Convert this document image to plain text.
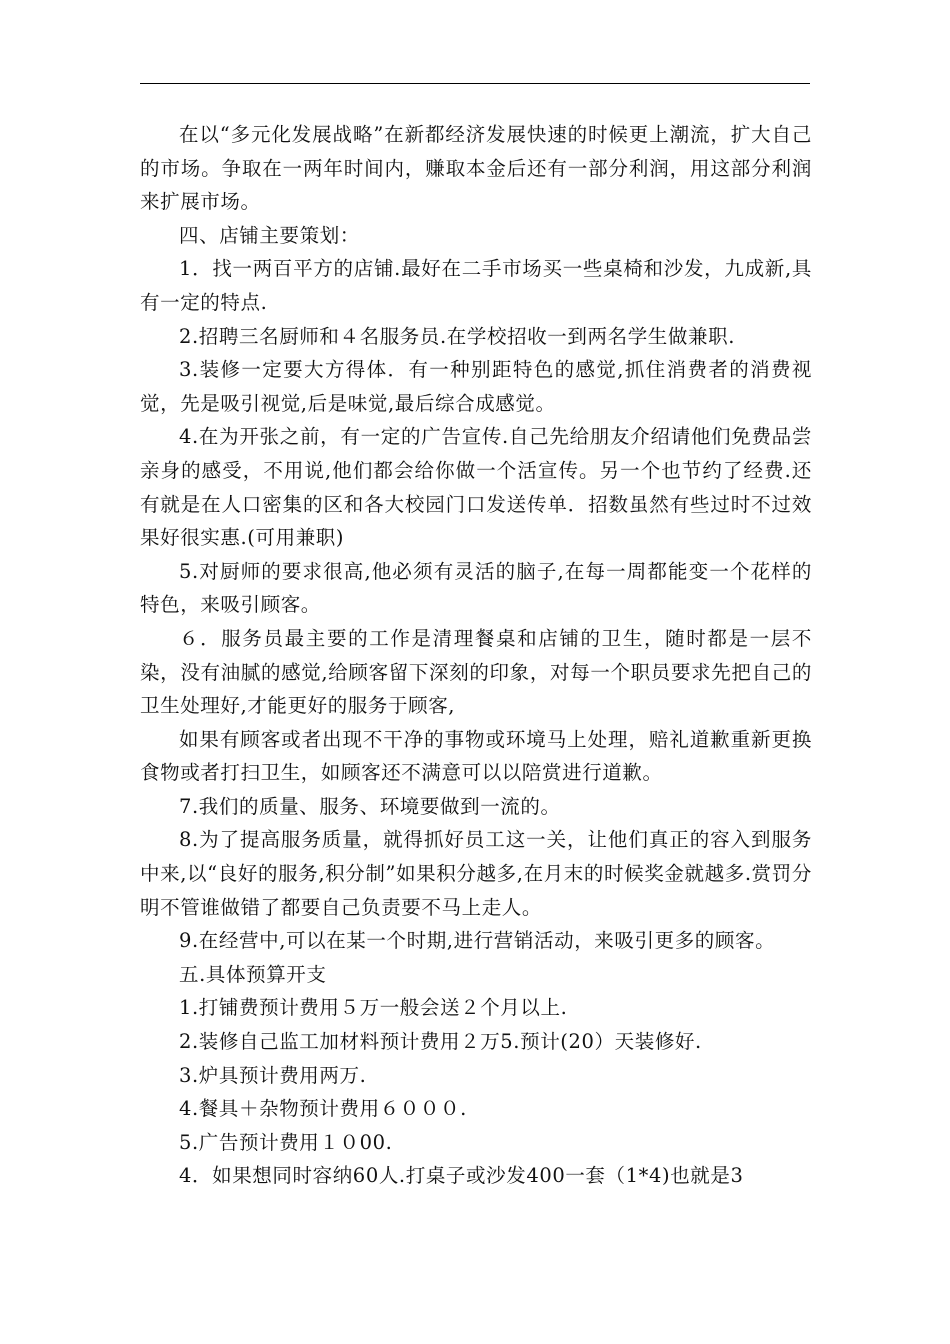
在以“多元化发展战略”在新都经济发展快速的时候更上潮流，扩大自己的市场。争取在一两年时间内，赚取本金后还有一部分利润，用这部分利润来扩展市场。

四、店铺主要策划：

1．找一两百平方的店铺.最好在二手市场买一些桌椅和沙发，九成新,具有一定的特点.

2.招聘三名厨师和４名服务员.在学校招收一到两名学生做兼职.

3.装修一定要大方得体．有一种别距特色的感觉,抓住消费者的消费视觉，先是吸引视觉,后是味觉,最后综合成感觉。

4.在为开张之前，有一定的广告宣传.自己先给朋友介绍请他们免费品尝亲身的感受，不用说,他们都会给你做一个活宣传。另一个也节约了经费.还有就是在人口密集的区和各大校园门口发送传单．招数虽然有些过时不过效果好很实惠.(可用兼职)

5.对厨师的要求很高,他必须有灵活的脑子,在每一周都能变一个花样的特色，来吸引顾客。

６．服务员最主要的工作是清理餐桌和店铺的卫生，随时都是一层不染，没有油腻的感觉,给顾客留下深刻的印象，对每一个职员要求先把自己的卫生处理好,才能更好的服务于顾客,

如果有顾客或者出现不干净的事物或环境马上处理，赔礼道歉重新更换食物或者打扫卫生，如顾客还不满意可以以陪赏进行道歉。

7.我们的质量、服务、环境要做到一流的。

8.为了提高服务质量，就得抓好员工这一关，让他们真正的容入到服务中来,以“良好的服务,积分制”如果积分越多,在月末的时候奖金就越多.赏罚分明不管谁做错了都要自己负责要不马上走人。

9.在经营中,可以在某一个时期,进行营销活动，来吸引更多的顾客。

五.具体预算开支

1.打铺费预计费用５万一般会送２个月以上.

2.装修自己监工加材料预计费用２万5.预计(20）天装修好.

3.炉具预计费用两万.

4.餐具＋杂物预计费用６０００.

5.广告预计费用１０00.

4．如果想同时容纳60人.打桌子或沙发400一套（1*4)也就是3
